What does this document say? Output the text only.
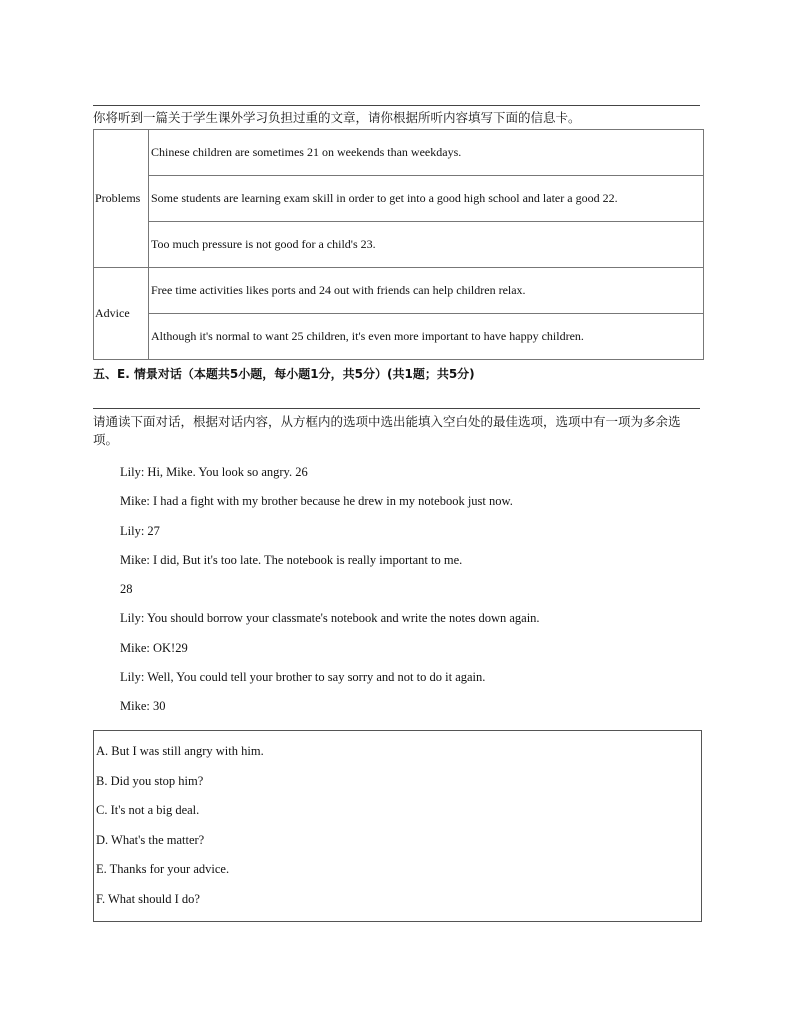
你将听到一篇关于学生课外学习负担过重的文章，请你根据所听内容填写下面的信息卡。
Problems	Chinese children are sometimes 21 on weekends than weekdays.
	Some students are learning exam skill in order to get into a good high school and later a good 22.
	Too much pressure is not good for a child's 23.
Advice	Free time activities likes ports and 24 out with friends can help children relax.
	Although it's normal to want 25 children, it's even more important to have happy children.
五、E. 情景对话（本题共5小题，每小题1分，共5分）(共1题；共5分)
请通读下面对话，根据对话内容，从方框内的选项中选出能填入空白处的最佳选项，选项中有一项为多余选项。
Lily: Hi, Mike. You look so angry. 26
Mike: I had a fight with my brother because he drew in my notebook just now.
Lily: 27
Mike: I did, But it's too late. The notebook is really important to me.
28
Lily: You should borrow your classmate's notebook and write the notes down again.
Mike: OK!29
Lily: Well, You could tell your brother to say sorry and not to do it again.
Mike: 30
A. But I was still angry with him.
B. Did you stop him?
C. It's not a big deal.
D. What's the matter?
E. Thanks for your advice.
F. What should I do?
